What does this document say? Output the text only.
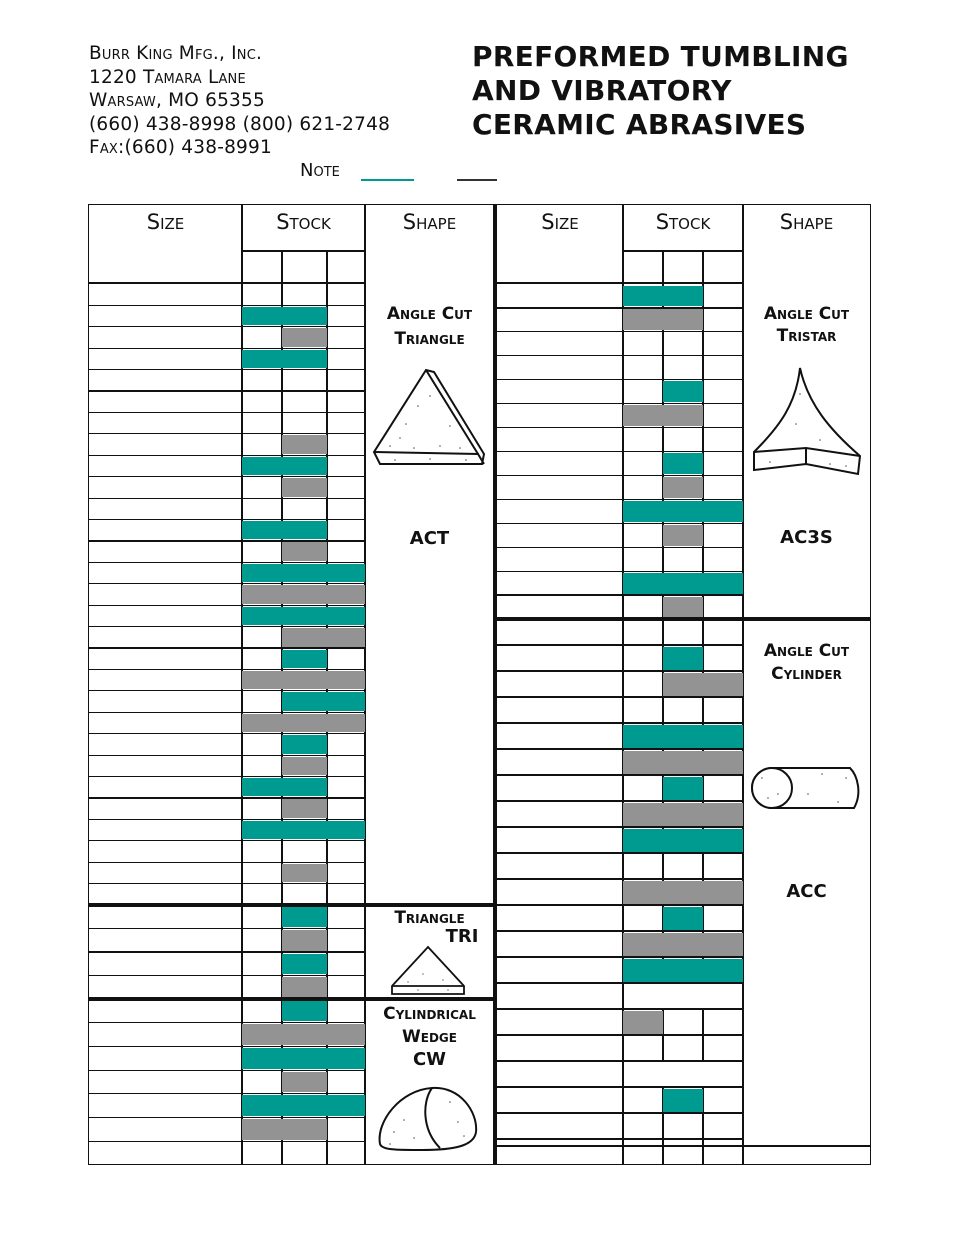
Burr King Mfg., Inc.
1220 Tamara Lane
Warsaw, MO 65355
(660) 438-8998 (800) 621-2748
Fax:(660) 438-8991
PREFORMED TUMBLING
AND VIBRATORY
CERAMIC ABRASIVES
Note
Size	Stock	Shape	Size	Stock	Shape
Angle Cut
Triangle
ACT
Triangle
TRI
Cylindrical
Wedge
CW
Angle Cut
Tristar
AC3S
Angle Cut
Cylinder
ACC
